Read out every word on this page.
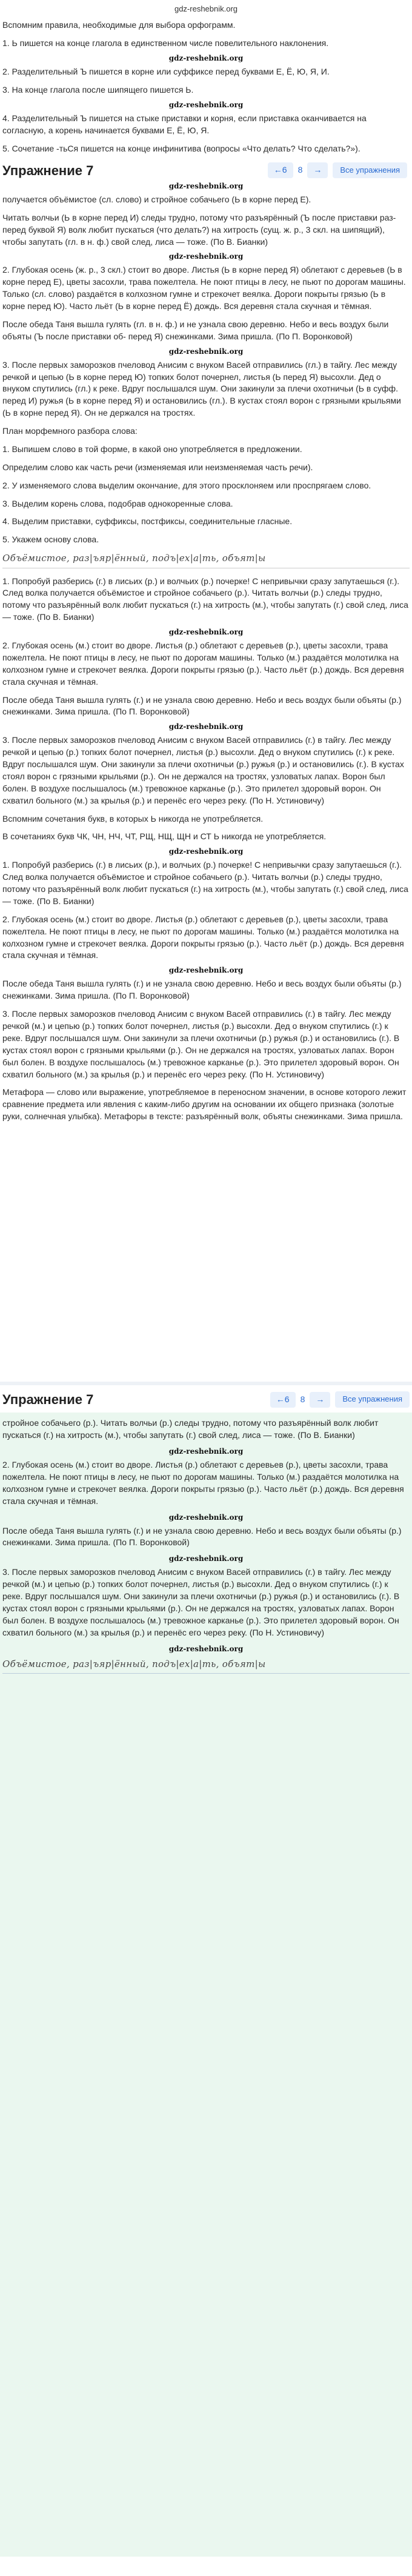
gdz-reshebnik.org

Вспомним правила, необходимые для выбора орфограмм.

1. Ь пишется на конце глагола в единственном числе повелительного наклонения.

gdz-reshebnik.org

2. Разделительный Ъ пишется в корне или суффиксе перед буквами Е, Ё, Ю, Я, И.

3. На конце глагола после шипящего пишется Ь.

gdz-reshebnik.org

4. Разделительный Ъ пишется на стыке приставки и корня, если приставка оканчивается на согласную, а корень начинается буквами Е, Ё, Ю, Я.

5. Сочетание -тьСя пишется на конце инфинитива (вопросы «Что делать? Что сделать?»).

Упражнение 7	←6	8	→	Все упражнения
gdz-reshebnik.org

получается объёмистое (сл. слово) и стройное собачьего (Ь в корне перед Е).

Читать волчьи (Ь в корне перед И) следы трудно, потому что разъярённый (Ъ после приставки раз- перед буквой Я) волк любит пускаться (что делать?) на хитрость (сущ. ж. р., 3 скл. на шипящий), чтобы запутать (гл. в н. ф.) свой след, лиса — тоже. (По В. Бианки)

gdz-reshebnik.org

2. Глубокая осень (ж. р., 3 скл.) стоит во дворе. Листья (Ь в корне перед Я) облетают с деревьев (Ь в корне перед Е), цветы засохли, трава пожелтела. Не поют птицы в лесу, не пьют по дорогам машины. Только (сл. слово) раздаётся в колхозном гумне и стрекочет веялка. Дороги покрыты грязью (Ь в корне перед Ю). Часто льёт (Ь в корне перед Ё) дождь. Вся деревня стала скучная и тёмная.

После обеда Таня вышла гулять (гл. в н. ф.) и не узнала свою деревню. Небо и весь воздух были объяты (Ъ после приставки об- перед Я) снежинками. Зима пришла. (По П. Воронковой)

gdz-reshebnik.org

3. После первых заморозков пчеловод Анисим с внуком Васей отправились (гл.) в тайгу. Лес между речкой и цепью (Ь в корне перед Ю) топких болот почернел, листья (Ь перед Я) высохли. Дед о внуком спутились (гл.) к реке. Вдруг послышался шум. Они закинули за плечи охотничьи (Ь в суфф. перед И) ружья (Ь в корне перед Я) и остановились (гл.). В кустах стоял ворон с грязными крыльями (Ь в корне перед Я). Он не держался на тростях.

План морфемного разбора слова:

1. Выпишем слово в той форме, в какой оно употребляется в предложении.

Определим слово как часть речи (изменяемая или неизменяемая часть речи).

2. У изменяемого слова выделим окончание, для этого просклоняем или проспрягаем слово.

3. Выделим корень слова, подобрав однокоренные слова.

4. Выделим приставки, суффиксы, постфиксы, соединительные гласные.

5. Укажем основу слова.

Объёмистое, раз|ъяр|ённый, подъ|ех|а|ть, объят|ы

1. Попробуй разберись (г.) в лисьих (р.) и волчьих (р.) почерке! С непривычки сразу запутаешься (г.). След волка получается объёмистое и стройное собачьего (р.). Читать волчьи (р.) следы трудно, потому что разъярённый волк любит пускаться (г.) на хитрость (м.), чтобы запутать (г.) свой след, лиса — тоже. (По В. Бианки)

gdz-reshebnik.org

2. Глубокая осень (м.) стоит во дворе. Листья (р.) облетают с деревьев (р.), цветы засохли, трава пожелтела. Не поют птицы в лесу, не пьют по дорогам машины. Только (м.) раздаётся молотилка на колхозном гумне и стрекочет веялка. Дороги покрыты грязью (р.). Часто льёт (р.) дождь. Вся деревня стала скучная и тёмная.

После обеда Таня вышла гулять (г.) и не узнала свою деревню. Небо и весь воздух были объяты (р.) снежинками. Зима пришла. (По П. Воронковой)

gdz-reshebnik.org

3. После первых заморозков пчеловод Анисим с внуком Васей отправились (г.) в тайгу. Лес между речкой и цепью (р.) топких болот почернел, листья (р.) высохли. Дед о внуком спутились (г.) к реке. Вдруг послышался шум. Они закинули за плечи охотничьи (р.) ружья (р.) и остановились (г.). В кустах стоял ворон с грязными крыльями (р.). Он не держался на тростях, узловатых лапах. Ворон был болен. В воздухе послышалось (м.) тревожное карканье (р.). Это прилетел здоровый ворон. Он схватил больного (м.) за крылья (р.) и перенёс его через реку. (По Н. Устиновичу)

Вспомним сочетания букв, в которых Ь никогда не употребляется.

В сочетаниях букв ЧК, ЧН, НЧ, ЧТ, РЩ, НЩ, ЩН и СТ Ь никогда не употребляется.

gdz-reshebnik.org

1. Попробуй разберись (г.) в лисьих (р.), и волчьих (р.) почерке! С непривычки сразу запутаешься (г.). След волка получается объёмистое и стройное собачьего (р.). Читать волчьи (р.) следы трудно, потому что разъярённый волк любит пускаться (г.) на хитрость (м.), чтобы запутать (г.) свой след, лиса — тоже. (По В. Бианки)

2. Глубокая осень (м.) стоит во дворе. Листья (р.) облетают с деревьев (р.), цветы засохли, трава пожелтела. Не поют птицы в лесу, не пьют по дорогам машины. Только (м.) раздаётся молотилка на колхозном гумне и стрекочет веялка. Дороги покрыты грязью (р.). Часто льёт (р.) дождь. Вся деревня стала скучная и тёмная.

gdz-reshebnik.org

После обеда Таня вышла гулять (г.) и не узнала свою деревню. Небо и весь воздух были объяты (р.) снежинками. Зима пришла. (По П. Воронковой)

3. После первых заморозков пчеловод Анисим с внуком Васей отправились (г.) в тайгу. Лес между речкой (м.) и цепью (р.) топких болот почернел, листья (р.) высохли. Дед о внуком спутились (г.) к реке. Вдруг послышался шум. Они закинули за плечи охотничьи (р.) ружья (р.) и остановились (г.). В кустах стоял ворон с грязными крыльями (р.). Он не держался на тростях, узловатых лапах. Ворон был болен. В воздухе послышалось (м.) тревожное карканье (р.). Это прилетел здоровый ворон. Он схватил больного (м.) за крылья (р.) и перенёс его через реку. (По Н. Устиновичу)

Метафора — слово или выражение, употребляемое в переносном значении, в основе которого лежит сравнение предмета или явления с каким-либо другим на основании их общего признака (золотые руки, солнечная улыбка). Метафоры в тексте: разъярённый волк, объяты снежинками. Зима пришла.

Упражнение 7	←6	8	→	Все упражнения

стройное собачьего (р.). Читать волчьи (р.) следы трудно, потому что разъярённый волк любит пускаться (г.) на хитрость (м.), чтобы запутать (г.) свой след, лиса — тоже. (По В. Бианки)

gdz-reshebnik.org

2. Глубокая осень (м.) стоит во дворе. Листья (р.) облетают с деревьев (р.), цветы засохли, трава пожелтела. Не поют птицы в лесу, не пьют по дорогам машины. Только (м.) раздаётся молотилка на колхозном гумне и стрекочет веялка. Дороги покрыты грязью (р.). Часто льёт (р.) дождь. Вся деревня стала скучная и тёмная.

gdz-reshebnik.org

После обеда Таня вышла гулять (г.) и не узнала свою деревню. Небо и весь воздух были объяты (р.) снежинками. Зима пришла. (По П. Воронковой)

gdz-reshebnik.org

3. После первых заморозков пчеловод Анисим с внуком Васей отправились (г.) в тайгу. Лес между речкой (м.) и цепью (р.) топких болот почернел, листья (р.) высохли. Дед о внуком спутились (г.) к реке. Вдруг послышался шум. Они закинули за плечи охотничьи (р.) ружья (р.) и остановились (г.). В кустах стоял ворон с грязными крыльями (р.). Он не держался на тростях, узловатых лапах. Ворон был болен. В воздухе послышалось (м.) тревожное карканье (р.). Это прилетел здоровый ворон. Он схватил больного (м.) за крылья (р.) и перенёс его через реку. (По Н. Устиновичу)

gdz-reshebnik.org
Объёмистое, раз|ъяр|ённый, подъ|ех|а|ть, объят|ы
